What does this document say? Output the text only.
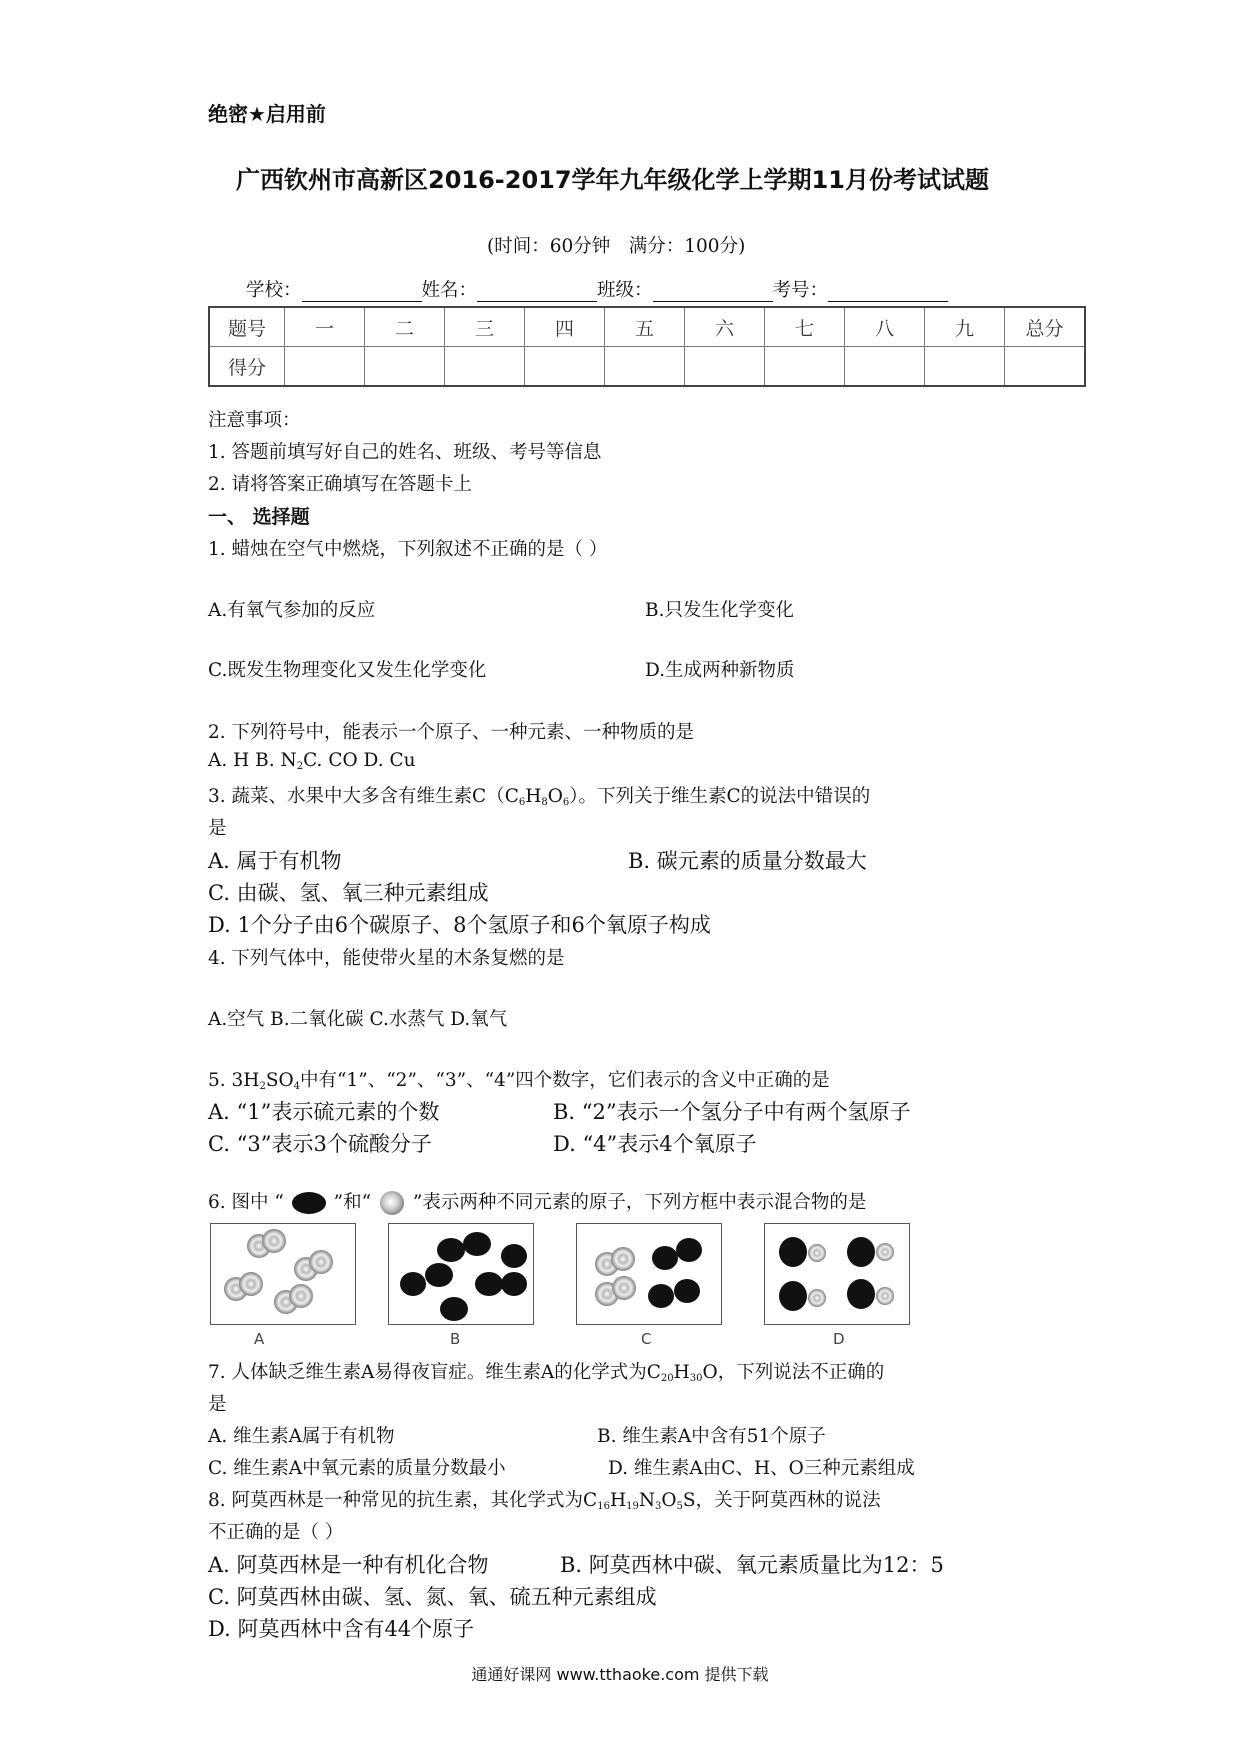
绝密★启用前
广西钦州市高新区2016-2017学年九年级化学上学期11月份考试试题
(时间：60分钟　满分：100分)
学校：	姓名：	班级：	考号：
题号	一	二	三	四	五	六	七	八	九	总分
得分										
注意事项：
1. 答题前填写好自己的姓名、班级、考号等信息
2. 请将答案正确填写在答题卡上
一、 选择题
1. 蜡烛在空气中燃烧，下列叙述不正确的是（ ）
A.有氧气参加的反应	B.只发生化学变化
C.既发生物理变化又发生化学变化	D.生成两种新物质
2. 下列符号中，能表示一个原子、一种元素、一种物质的是
A. H B. $N_2C$. CO D. Cu
3. 蔬菜、水果中大多含有维生素$C(C_6H_8O_6)$。下列关于维生素C的说法中错误的
是
A. 属于有机物	B. 碳元素的质量分数最大
C. 由碳、氢、氧三种元素组成
D. 1个分子由6个碳原子、8个氢原子和6个氧原子构成
4. 下列气体中，能使带火星的木条复燃的是
A.空气 B.二氧化碳 C.水蒸气 D.氧气
5. $3H_2SO_4$中有“1”、“2”、“3”、“4”四个数字，它们表示的含义中正确的是
A. “1”表示硫元素的个数	B. “2”表示一个氢分子中有两个氢原子
C. “3”表示3个硫酸分子	D. “4”表示4个氧原子
6. 图中 “	”和“ ”表示两种不同元素的原子，下列方框中表示混合物的是
A	B	C	D
7. 人体缺乏维生素A易得夜盲症。维生素A的化学式为$C_{20}H_{30}O$，下列说法不正确的
是
A. 维生素A属于有机物	B. 维生素A中含有51个原子
C. 维生素A中氧元素的质量分数最小	D. 维生素A由C、H、O三种元素组成
8. 阿莫西林是一种常见的抗生素，其化学式为$C_{16}H_{19}N_3O_5S$，关于阿莫西林的说法
不正确的是（ ）
A. 阿莫西林是一种有机化合物	B. 阿莫西林中碳、氧元素质量比为12：5
C. 阿莫西林由碳、氢、氮、氧、硫五种元素组成
D. 阿莫西林中含有44个原子
通通好课网 www.tthaoke.com 提供下载
